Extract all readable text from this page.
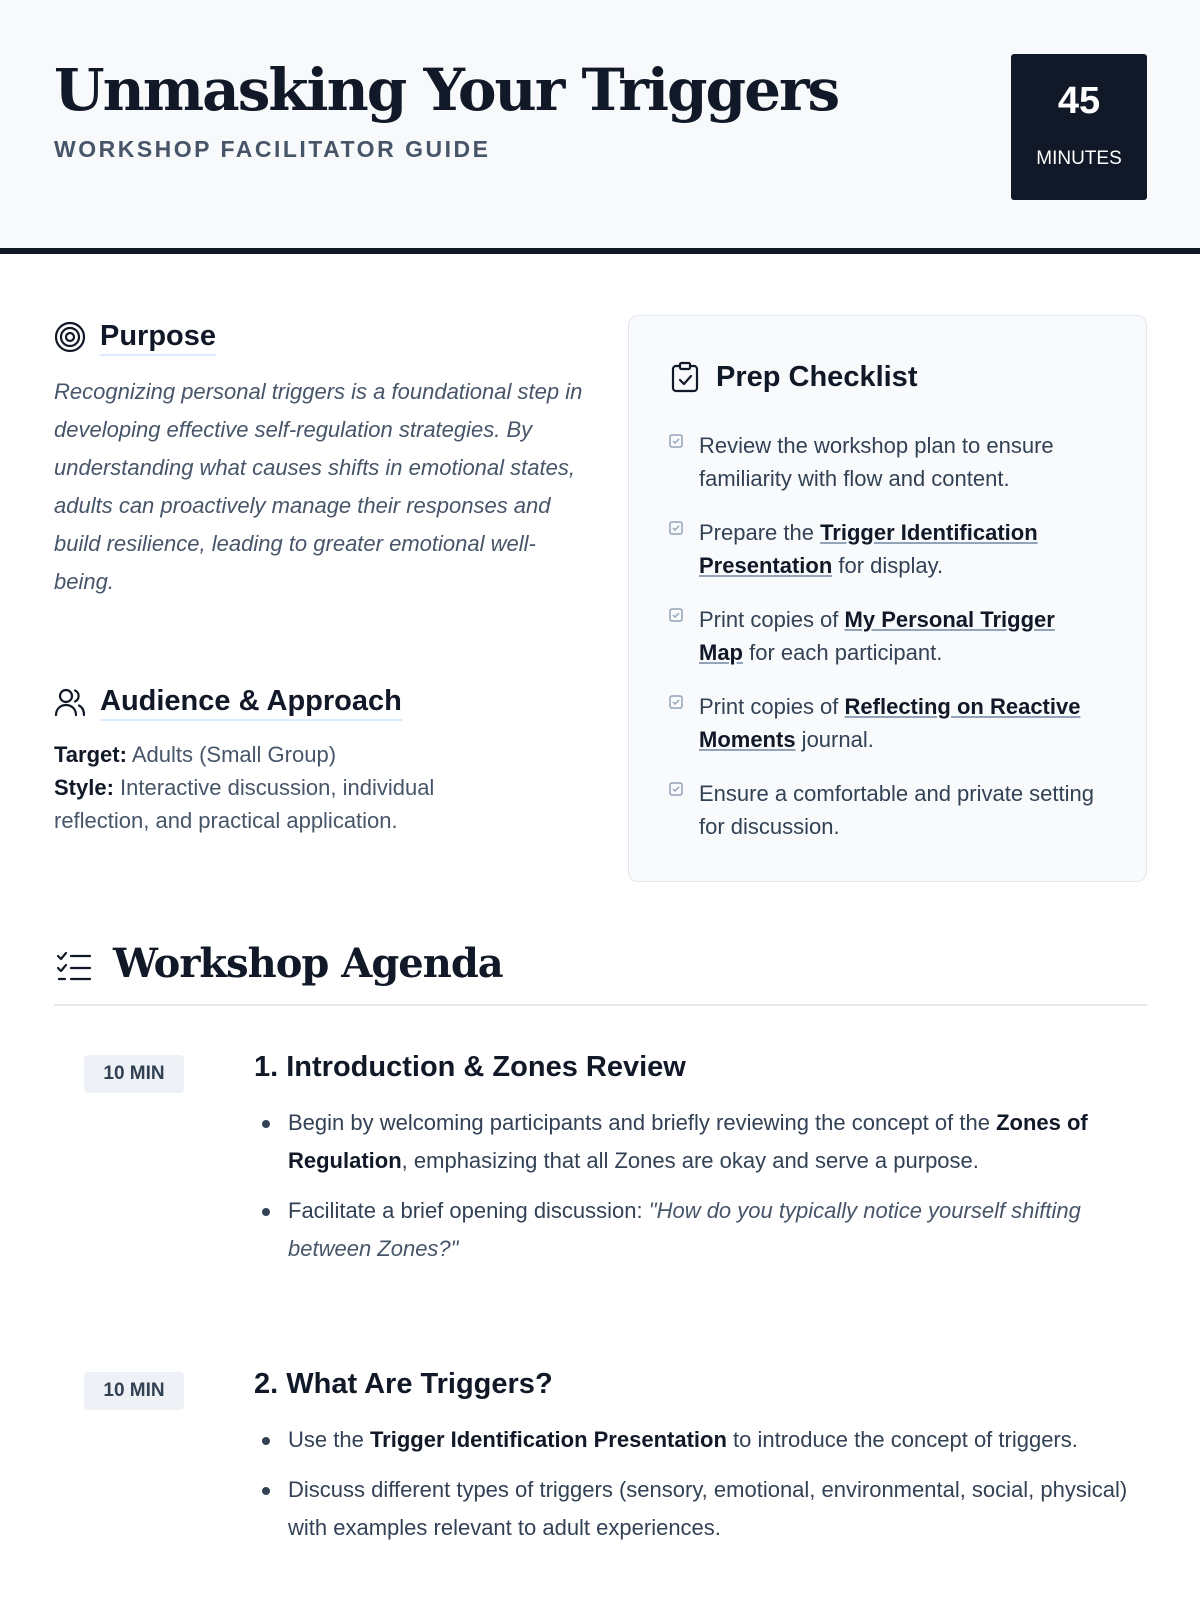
Unmasking Your Triggers
WORKSHOP FACILITATOR GUIDE
45
MINUTES
Purpose
Recognizing personal triggers is a foundational step in developing effective self-regulation strategies. By understanding what causes shifts in emotional states, adults can proactively manage their responses and build resilience, leading to greater emotional well-being.
Audience & Approach
Target: Adults (Small Group)
Style: Interactive discussion, individual reflection, and practical application.
Prep Checklist
Review the workshop plan to ensure familiarity with flow and content.
Prepare the Trigger Identification Presentation for display.
Print copies of My Personal Trigger Map for each participant.
Print copies of Reflecting on Reactive Moments journal.
Ensure a comfortable and private setting for discussion.
Workshop Agenda
10 MIN	1. Introduction & Zones Review
Begin by welcoming participants and briefly reviewing the concept of the Zones of Regulation, emphasizing that all Zones are okay and serve a purpose.
Facilitate a brief opening discussion: "How do you typically notice yourself shifting between Zones?"
10 MIN	2. What Are Triggers?
Use the Trigger Identification Presentation to introduce the concept of triggers.
Discuss different types of triggers (sensory, emotional, environmental, social, physical) with examples relevant to adult experiences.
